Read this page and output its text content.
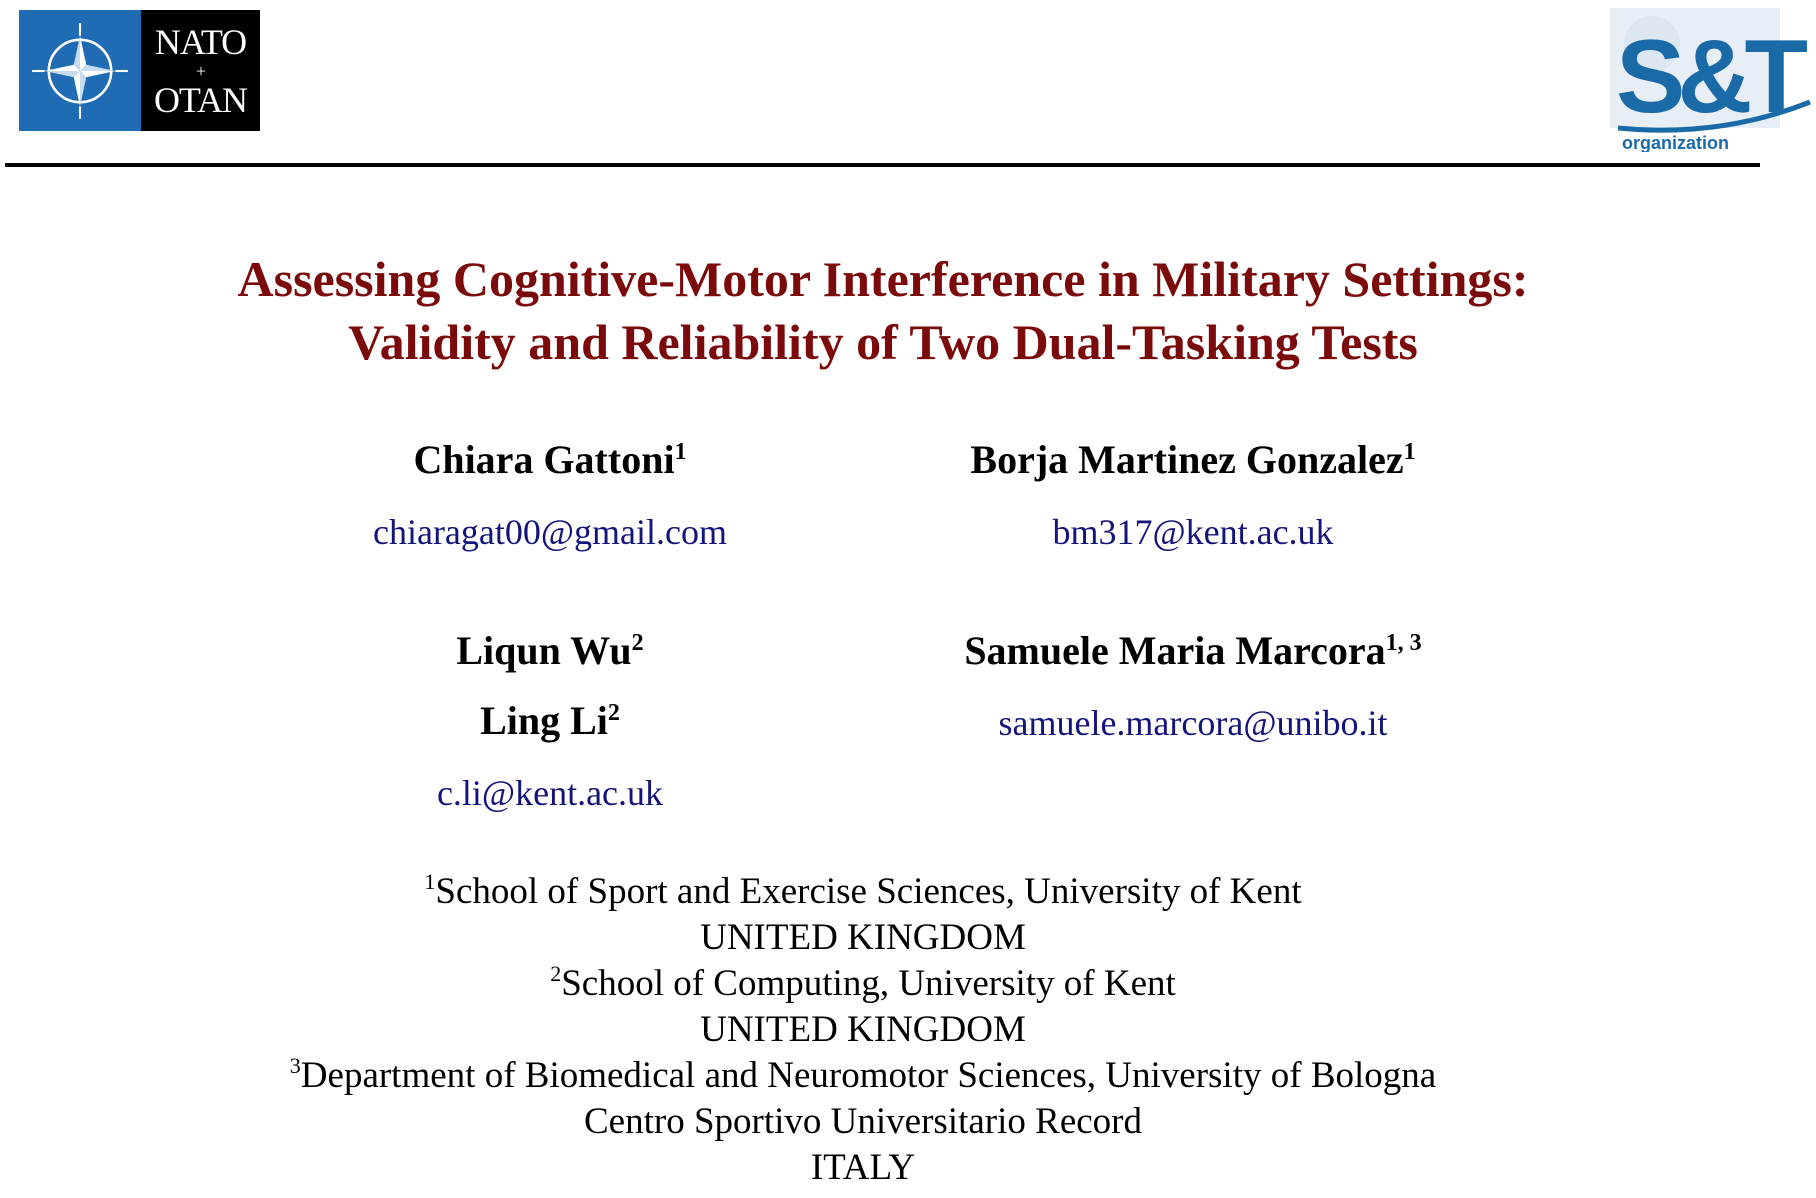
NATO
+
OTAN	S&T
organization
Assessing Cognitive-Motor Interference in Military Settings:
Validity and Reliability of Two Dual-Tasking Tests
Chiara Gattoni$^1$
chiaragat00@gmail.com
Borja Martinez Gonzalez$^1$
bm317@kent.ac.uk
Liqun Wu$^2$
Ling Li$^2$
c.li@kent.ac.uk
Samuele Maria Marcora$^{1, 3}$
samuele.marcora@unibo.it
$^1$School of Sport and Exercise Sciences, University of Kent
UNITED KINGDOM
$^2$School of Computing, University of Kent
UNITED KINGDOM
$^3$Department of Biomedical and Neuromotor Sciences, University of Bologna
Centro Sportivo Universitario Record
ITALY
